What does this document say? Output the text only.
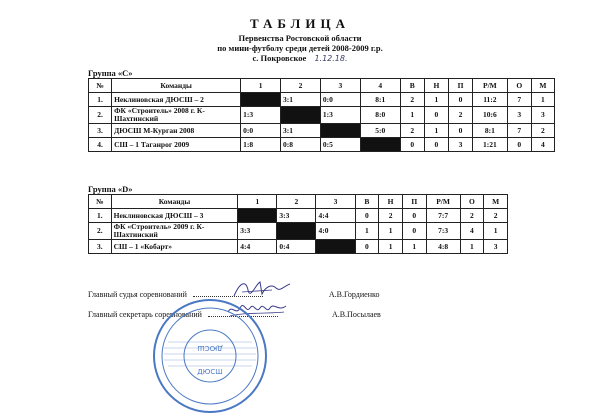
ТАБЛИЦА
Первенства Ростовской области
по мини-футболу среди детей 2008-2009 г.р.
с. Покровское 1.12.18.
Группа «С»
№	Команды	1	2	3	4	В	Н	П	Р/М	О	М
1.	Неклиновская ДЮСШ – 2		3:1	0:0	8:1	2	1	0	11:2	7	1
2.	ФК «Строитель» 2008 г. К-Шахтинский	1:3		1:3	8:0	1	0	2	10:6	3	3
3.	ДЮСШ М-Курган 2008	0:0	3:1		5:0	2	1	0	8:1	7	2
4.	СШ – 1 Таганрог 2009	1:8	0:8	0:5		0	0	3	1:21	0	4
Группа «D»
№	Команды	1	2	3	В	Н	П	Р/М	О	М
1.	Неклиновская ДЮСШ – 3		3:3	4:4	0	2	0	7:7	2	2
2.	ФК «Строитель» 2009 г. К-Шахтинский	3:3		4:0	1	1	0	7:3	4	1
3.	СШ – 1 «Кобарт»	4:4	0:4		0	1	1	4:8	1	3
Главный судья соревнований	А.В.Гордиенко
Главный секретарь соревнований	А.В.Посылаев
ДЮСШ
ДЮСШ
